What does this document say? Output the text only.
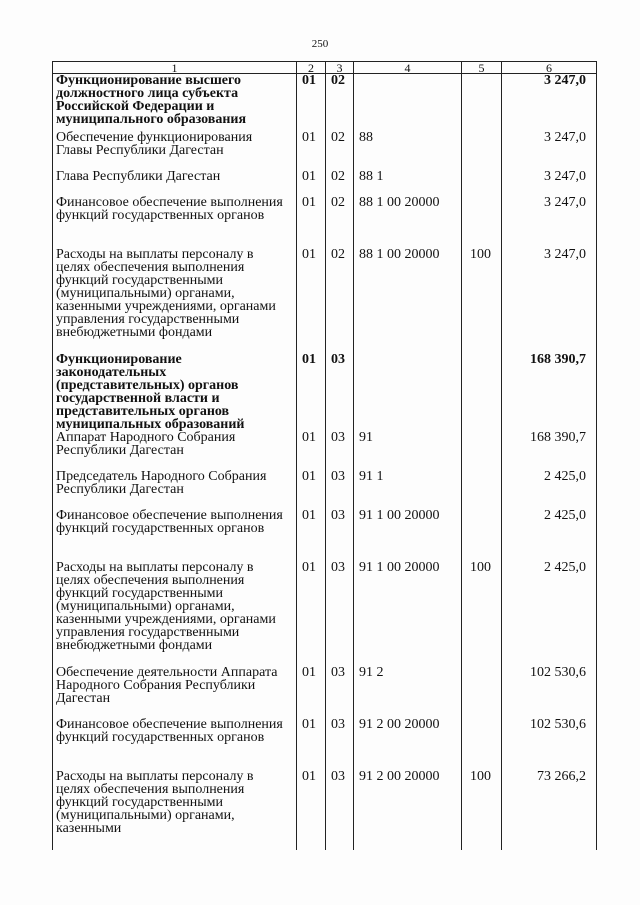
250
1	2	3	4	5	6
Функционирование высшего должностного лица субъекта Российской Федерации и муниципального образования	01	02			3 247,0
Обеспечение функционирования Главы Республики Дагестан	01	02	88		3 247,0
Глава Республики Дагестан	01	02	88 1		3 247,0
Финансовое обеспечение выполнения функций государственных органов	01	02	88 1 00 20000		3 247,0
Расходы на выплаты персоналу в целях обеспечения выполнения функций государственными (муниципальными) органами, казенными учреждениями, органами управления государственными внебюджетными фондами	01	02	88 1 00 20000	100	3 247,0
Функционирование законодательных (представительных) органов государственной власти и представительных органов муниципальных образований	01	03			168 390,7
Аппарат Народного Собрания Республики Дагестан	01	03	91		168 390,7
Председатель Народного Собрания Республики Дагестан	01	03	91 1		2 425,0
Финансовое обеспечение выполнения функций государственных органов	01	03	91 1 00 20000		2 425,0
Расходы на выплаты персоналу в целях обеспечения выполнения функций государственными (муниципальными) органами, казенными учреждениями, органами управления государственными внебюджетными фондами	01	03	91 1 00 20000	100	2 425,0
Обеспечение деятельности Аппарата Народного Собрания Республики Дагестан	01	03	91 2		102 530,6
Финансовое обеспечение выполнения функций государственных органов	01	03	91 2 00 20000		102 530,6
Расходы на выплаты персоналу в целях обеспечения выполнения функций государственными (муниципальными) органами, казенными	01	03	91 2 00 20000	100	73 266,2
